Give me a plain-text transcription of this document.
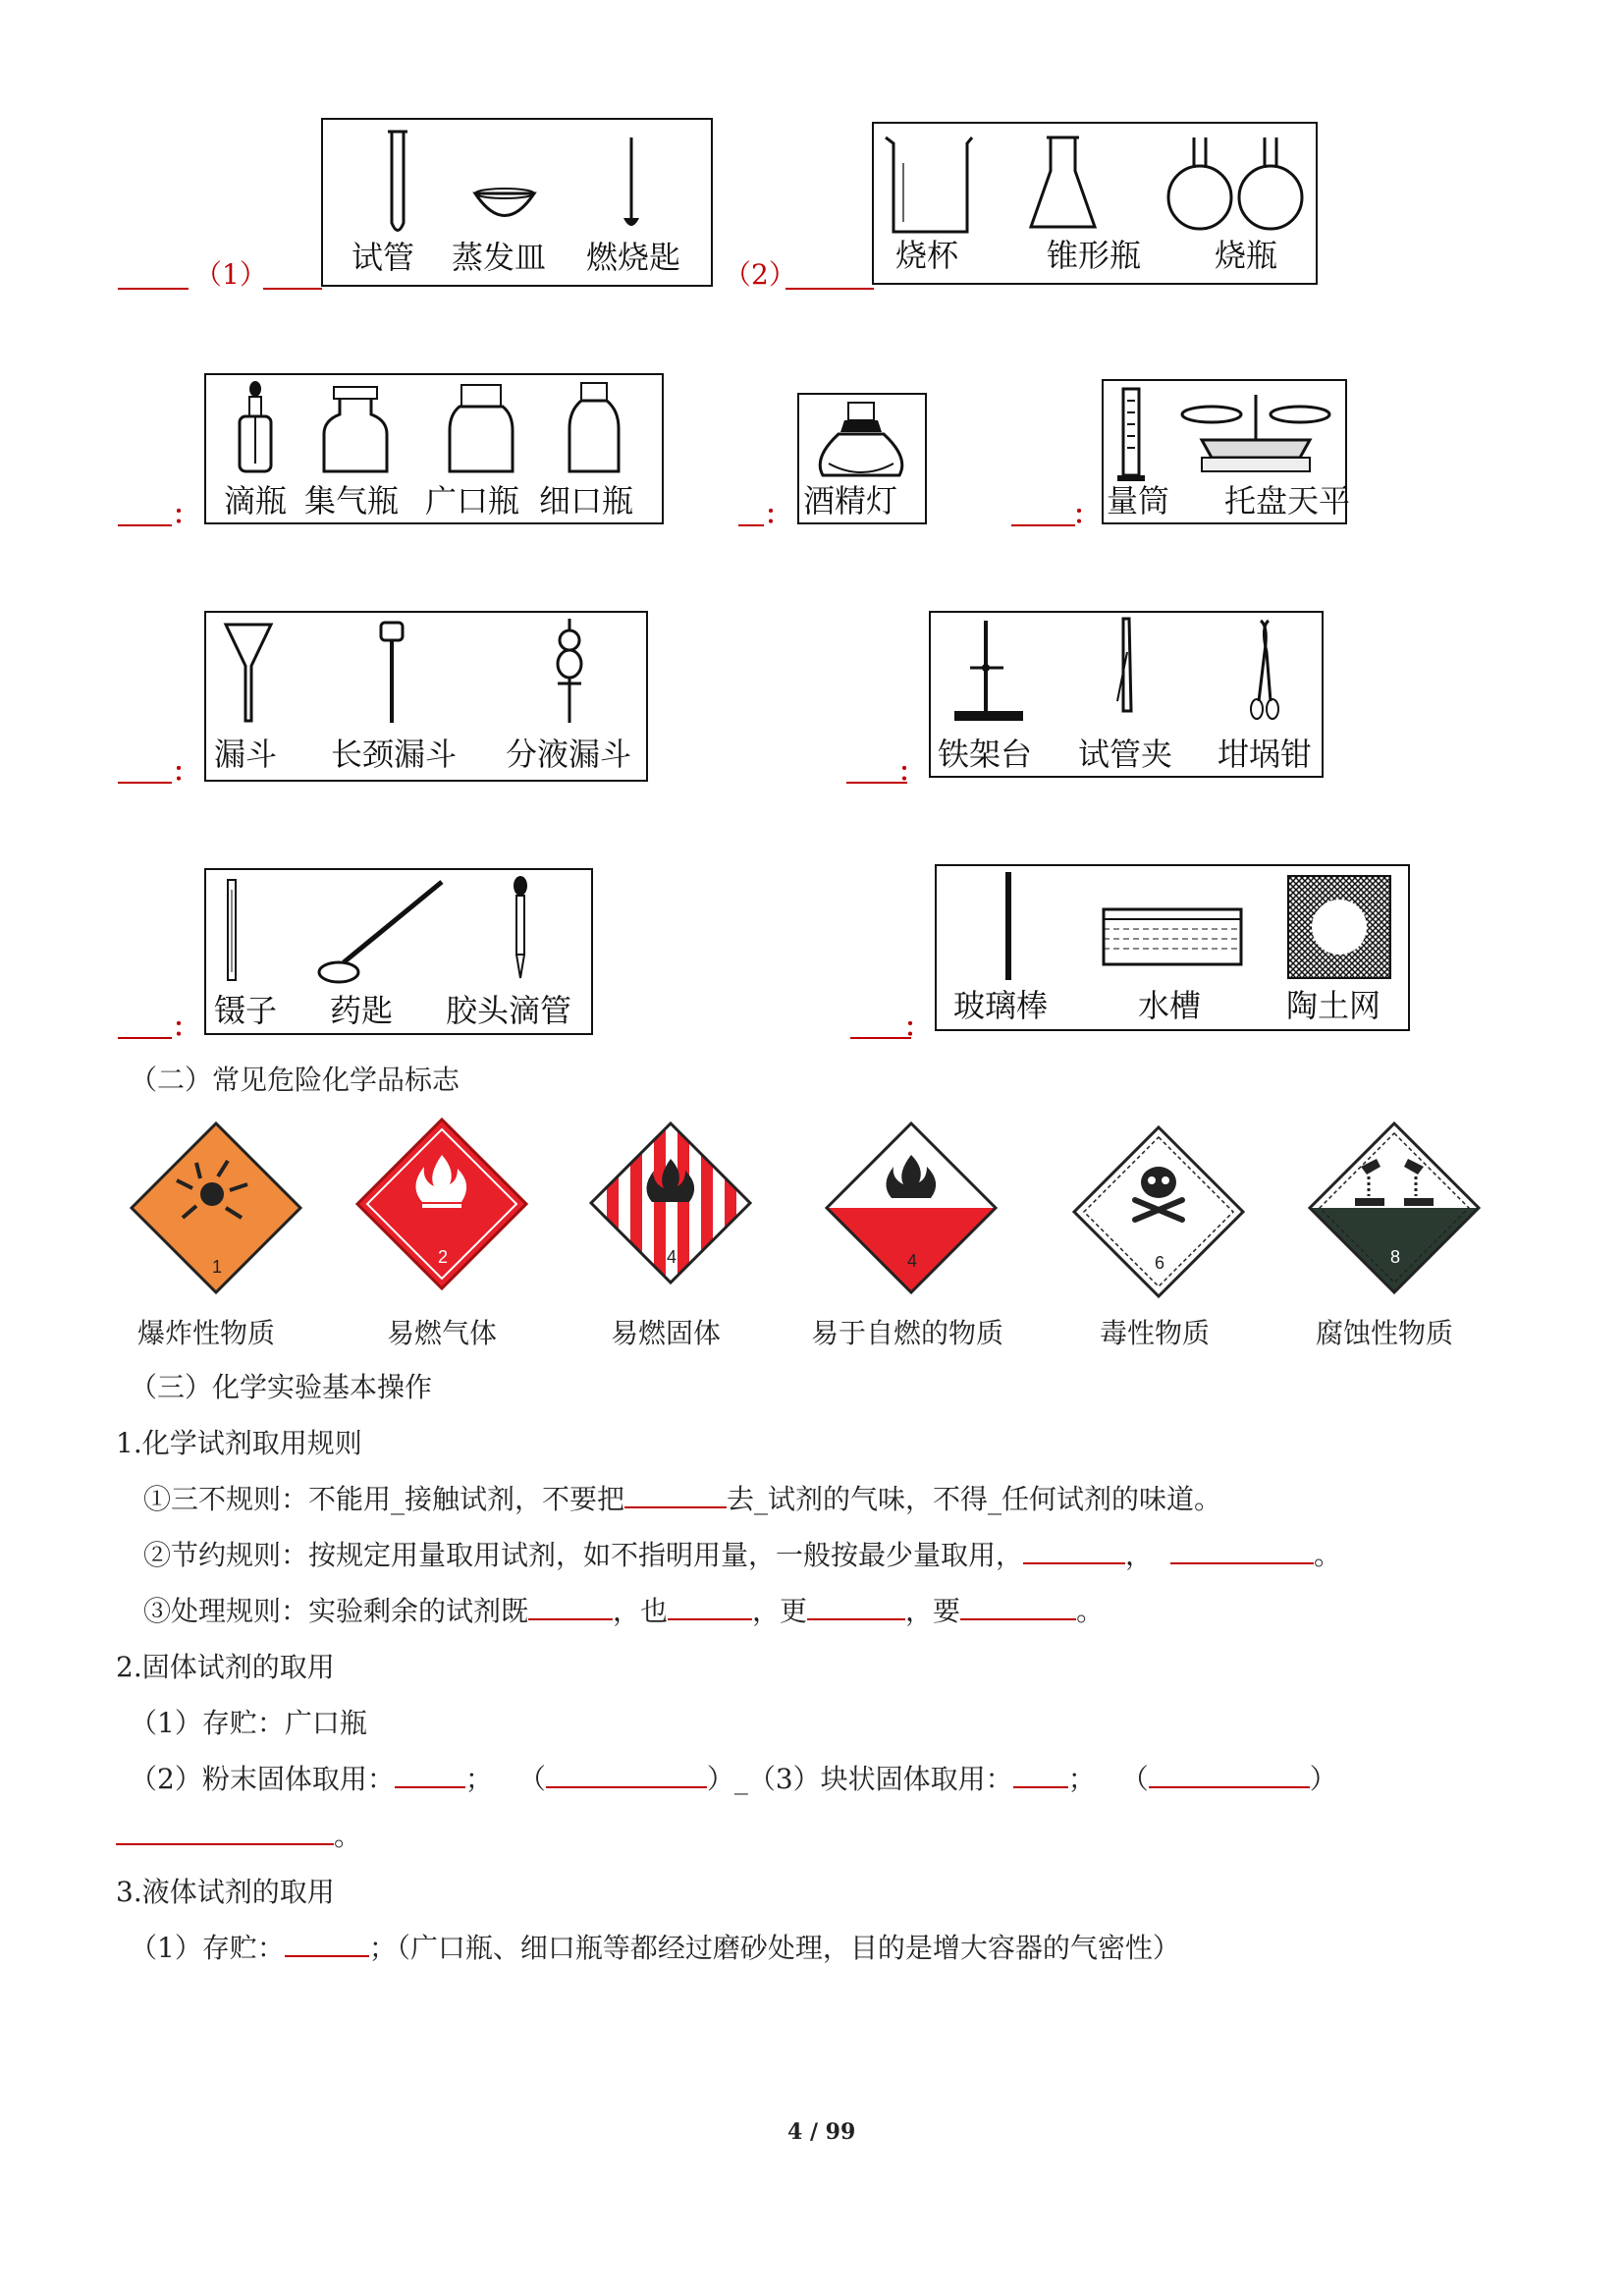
（1）	试管 蒸发皿 燃烧匙 （2）
烧杯	锥形瓶 烧瓶
： 滴瓶 集气瓶 广口瓶 细口瓶	： 酒精灯	： 量筒 托盘天平
： 漏斗 长颈漏斗 分液漏斗	： 铁架台 试管夹 坩埚钳
： 镊子 药匙 胶头滴管	：
玻璃棒	水槽	陶土网
（二）常见危险化学品标志
1	2	4	4	6	8
爆炸性物质	易燃气体	易燃固体	易于自燃的物质	毒性物质	腐蚀性物质
（三）化学实验基本操作
1.化学试剂取用规则
①三不规则：不能用_接触试剂，不要把	去_试剂的气味，不得_任何试剂的味道。
②节约规则：按规定用量取用试剂，如不指明用量，一般按最少量取用，	，	。
③处理规则：实验剩余的试剂既	，也	，更	，要	。
2.固体试剂的取用
（1）存贮：广口瓶
（2）粉末固体取用：	； （	）_（3）块状固体取用： ； （	）
。
3.液体试剂的取用
（1）存贮：	；（广口瓶、细口瓶等都经过磨砂处理，目的是增大容器的气密性）
4 / 99
